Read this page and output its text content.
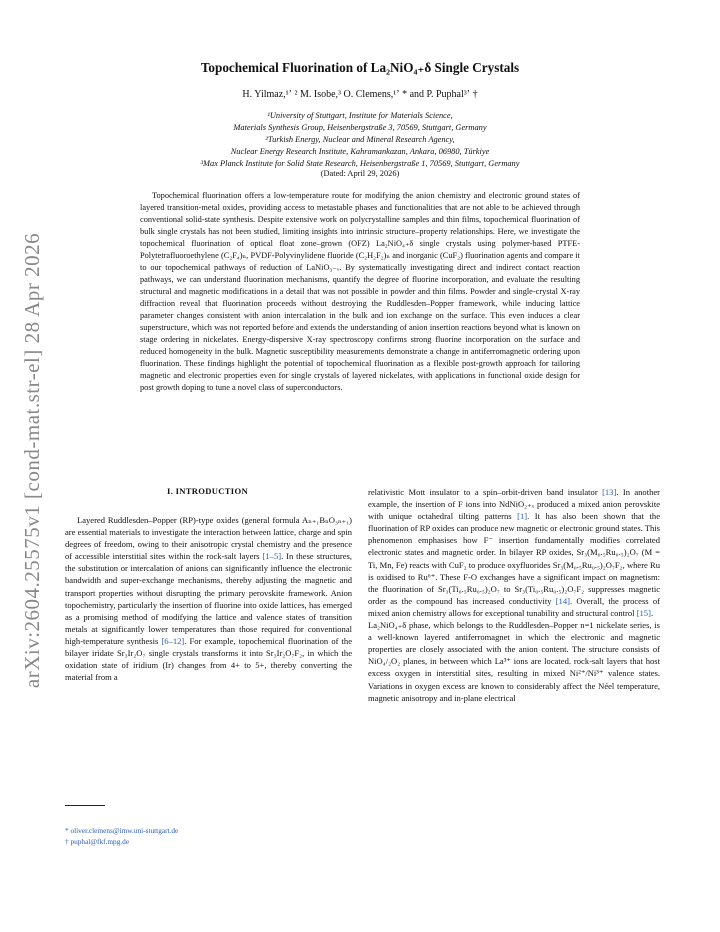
arXiv:2604.25575v1 [cond-mat.str-el] 28 Apr 2026
Topochemical Fluorination of La₂NiO₄₊δ Single Crystals
H. Yilmaz,¹ʼ ² M. Isobe,³ O. Clemens,¹ʼ * and P. Puphal³ʼ †
¹University of Stuttgart, Institute for Materials Science,
Materials Synthesis Group, Heisenbergstraße 3, 70569, Stuttgart, Germany
²Turkish Energy, Nuclear and Mineral Research Agency,
Nuclear Energy Research Institute, Kahramankazan, Ankara, 06980, Türkiye
³Max Planck Institute for Solid State Research, Heisenbergstraße 1, 70569, Stuttgart, Germany
(Dated: April 29, 2026)

Topochemical fluorination offers a low-temperature route for modifying the anion chemistry and electronic ground states of layered transition-metal oxides, providing access to metastable phases and functionalities that are not able to be achieved through conventional solid-state synthesis. Despite extensive work on polycrystalline samples and thin films, topochemical fluorination of bulk single crystals has not been studied, limiting insights into intrinsic structure–property relationships. Here, we investigate the topochemical fluorination of optical float zone–grown (OFZ) La₂NiO₄₊δ single crystals using polymer-based PTFE-Polytetrafluoroethylene (C₂F₄)ₙ, PVDF-Polyvinylidene fluoride (C₂H₂F₂)ₙ and inorganic (CuF₂) fluorination agents and compare it to our topochemical pathways of reduction of LaNiO₃₋ₓ. By systematically investigating direct and indirect contact reaction pathways, we can understand fluorination mechanisms, quantify the degree of fluorine incorporation, and evaluate the resulting structural and magnetic modifications in a detail that was not possible in powder and thin films. Powder and single-crystal X-ray diffraction reveal that fluorination proceeds without destroying the Ruddlesden–Popper framework, while inducing lattice parameter changes consistent with anion intercalation in the bulk and ion exchange on the surface. This even induces a clear superstructure, which was not reported before and extends the understanding of anion insertion reactions beyond what is known on stage ordering in nickelates. Energy-dispersive X-ray spectroscopy confirms strong fluorine incorporation on the surface and reduced homogeneity in the bulk. Magnetic susceptibility measurements demonstrate a change in antiferromagnetic ordering upon fluorination. These findings highlight the potential of topochemical fluorination as a flexible post-growth approach for tailoring magnetic and electronic properties even for single crystals of layered nickelates, with applications in functional oxide design for post growth doping to tune a novel class of superconductors.

I. INTRODUCTION

Layered Ruddlesden–Popper (RP)-type oxides (general formula Aₙ₊₁BₙO₃ₙ₊₁) are essential materials to investigate the interaction between lattice, charge and spin degrees of freedom, owing to their anisotropic crystal chemistry and the presence of accessible interstitial sites within the rock-salt layers [1–5]. In these structures, the substitution or intercalation of anions can significantly influence the electronic bandwidth and super-exchange mechanisms, thereby adjusting the magnetic and transport properties without disrupting the primary perovskite framework. Anion topochemistry, particularly the insertion of fluorine into oxide lattices, has emerged as a promising method of modifying the lattice and valence states of transition metals at significantly lower temperatures than those required for conventional high-temperature synthesis [6–12]. For example, topochemical fluorination of the bilayer iridate Sr₃Ir₂O₇ single crystals transforms it into Sr₃Ir₂O₇F₂, in which the oxidation state of iridium (Ir) changes from 4+ to 5+, thereby converting the material from a

relativistic Mott insulator to a spin–orbit-driven band insulator [13]. In another example, the insertion of F ions into NdNiO₂₊ₓ produced a mixed anion perovskite with unique octahedral tilting patterns [1]. It has also been shown that the fluorination of RP oxides can produce new magnetic or electronic ground states. This phenomenon emphasises how F⁻ insertion fundamentally modifies correlated electronic states and magnetic order. In bilayer RP oxides, Sr₃(M₀.₅Ru₀.₅)₂O₇ (M = Ti, Mn, Fe) reacts with CuF₂ to produce oxyfluorides Sr₃(M₀.₅Ru₀.₅)₂O₇F₂, where Ru is oxidised to Ru⁶⁺. These F-O exchanges have a significant impact on magnetism: the fluorination of Sr₃(Ti₀.₅Ru₀.₅)₂O₇ to Sr₃(Ti₀.₅Ru₀.₅)₂O₇F₂ suppresses magnetic order as the compound has increased conductivity [14]. Overall, the process of mixed anion chemistry allows for exceptional tunability and structural control [15].
La₂NiO₄₊δ phase, which belongs to the Ruddlesden–Popper n=1 nickelate series, is a well-known layered antiferromagnet in which the electronic and magnetic properties are closely associated with the anion content. The structure consists of NiO₄/₂O₂ planes, in between which La³⁺ ions are located. rock-salt layers that host excess oxygen in interstitial sites, resulting in mixed Ni²⁺/Ni³⁺ valence states. Variations in oxygen excess are known to considerably affect the Néel temperature, magnetic anisotropy and in-plane electrical

* oliver.clemens@imw.uni-stuttgart.de
† puphal@fkf.mpg.de
